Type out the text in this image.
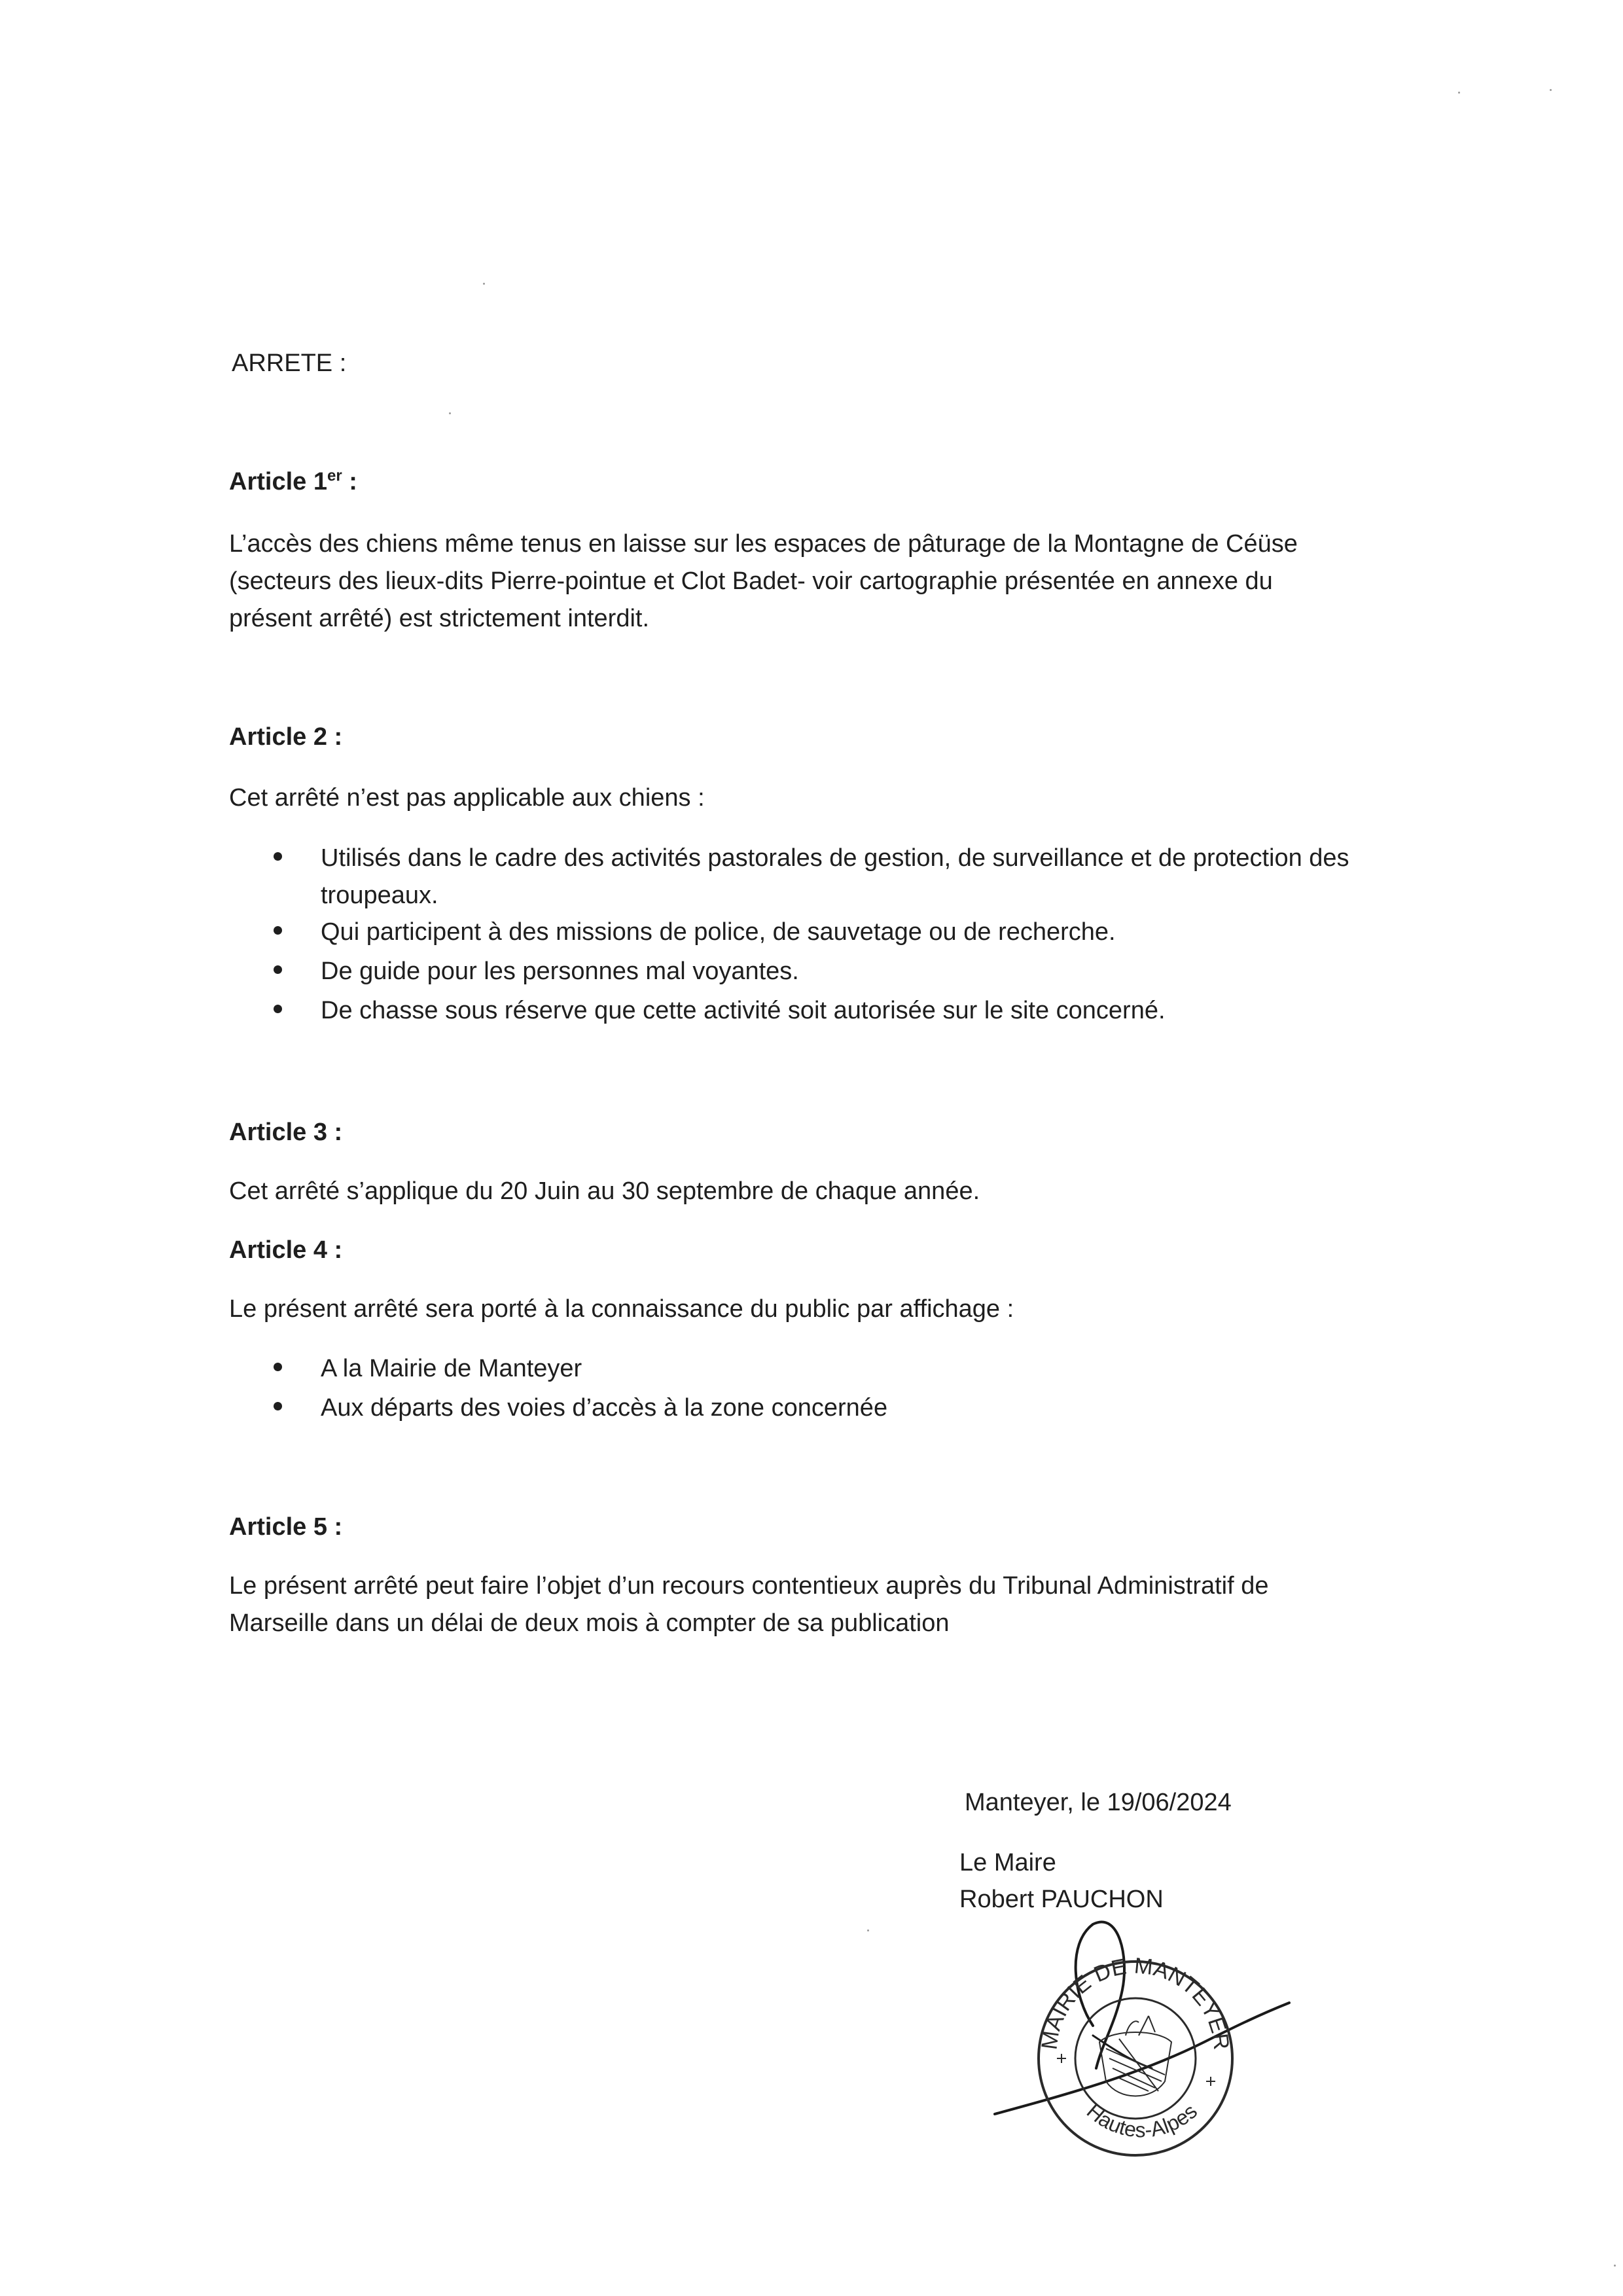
ARRETE :
Article 1er :
L’accès des chiens même tenus en laisse sur les espaces de pâturage de la Montagne de Céüse (secteurs des lieux-dits Pierre-pointue et Clot Badet- voir cartographie présentée en annexe du présent arrêté) est strictement interdit.
Article 2 :
Cet arrêté n’est pas applicable aux chiens :
Utilisés dans le cadre des activités pastorales de gestion, de surveillance et de protection des troupeaux.
Qui participent à des missions de police, de sauvetage ou de recherche.
De guide pour les personnes mal voyantes.
De chasse sous réserve que cette activité soit autorisée sur le site concerné.
Article 3 :
Cet arrêté s’applique du 20 Juin au 30 septembre de chaque année.
Article 4 :
Le présent arrêté sera porté à la connaissance du public par affichage :
A la Mairie de Manteyer
Aux départs des voies d’accès à la zone concernée
Article 5 :
Le présent arrêté peut faire l’objet d’un recours contentieux auprès du Tribunal Administratif de Marseille dans un délai de deux mois à compter de sa publication
Manteyer, le 19/06/2024
Le Maire
Robert PAUCHON
MAIRIE DE MANTEYER
Hautes-Alpes
